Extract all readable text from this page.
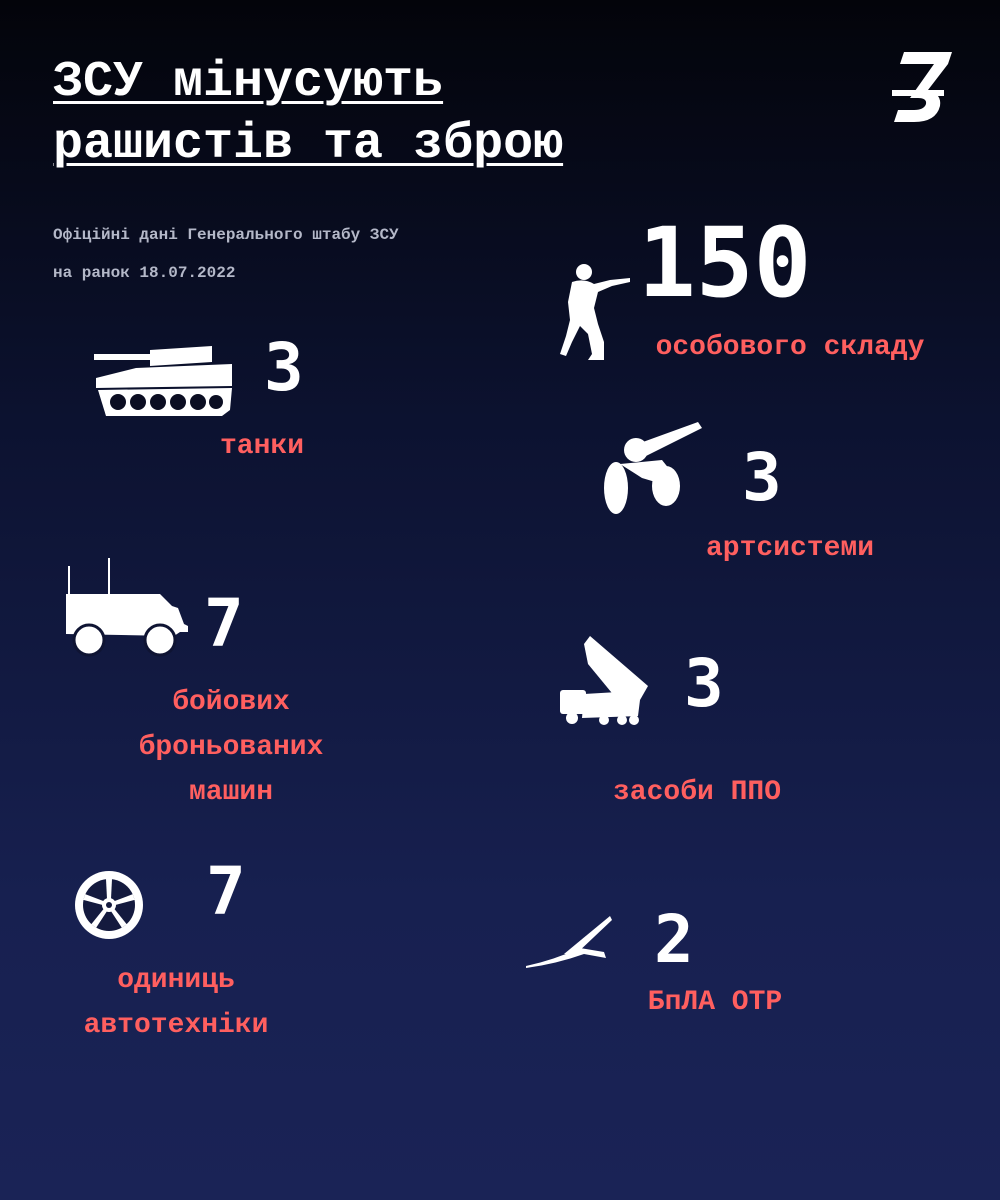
ЗСУ мінусують
рашистів та зброю
Офіційні дані Генерального штабу ЗСУ
на ранок 18.07.2022	150
особового складу
3
танки	3
артсистеми
7
бойових
броньованих
машин
3
засоби ППО
7
одиниць
автотехніки
2
БпЛА ОТР
